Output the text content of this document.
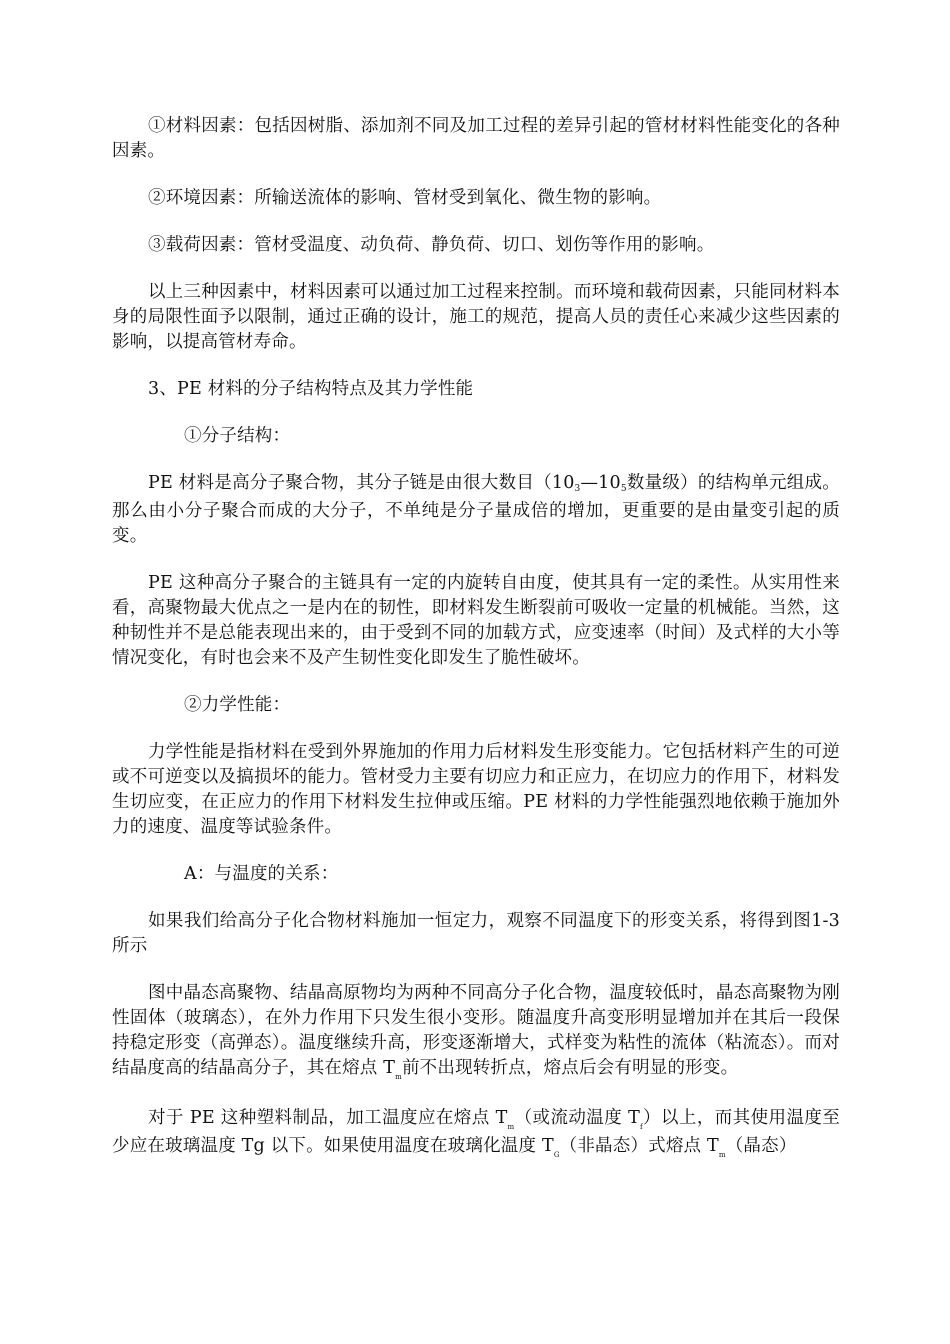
①材料因素：包括因树脂、添加剂不同及加工过程的差异引起的管材材料性能变化的各种因素。

②环境因素：所输送流体的影响、管材受到氧化、微生物的影响。

③载荷因素：管材受温度、动负荷、静负荷、切口、划伤等作用的影响。

以上三种因素中，材料因素可以通过加工过程来控制。而环境和载荷因素，只能同材料本身的局限性面予以限制，通过正确的设计，施工的规范，提高人员的责任心来减少这些因素的影响，以提高管材寿命。

3、PE 材料的分子结构特点及其力学性能

①分子结构：

PE 材料是高分子聚合物，其分子链是由很大数目（103—105数量级）的结构单元组成。那么由小分子聚合而成的大分子，不单纯是分子量成倍的增加，更重要的是由量变引起的质变。

PE 这种高分子聚合的主链具有一定的内旋转自由度，使其具有一定的柔性。从实用性来看，高聚物最大优点之一是内在的韧性，即材料发生断裂前可吸收一定量的机械能。当然，这种韧性并不是总能表现出来的，由于受到不同的加载方式，应变速率（时间）及式样的大小等情况变化，有时也会来不及产生韧性变化即发生了脆性破坏。

②力学性能：

力学性能是指材料在受到外界施加的作用力后材料发生形变能力。它包括材料产生的可逆或不可逆变以及搞损坏的能力。管材受力主要有切应力和正应力，在切应力的作用下，材料发生切应变，在正应力的作用下材料发生拉伸或压缩。PE 材料的力学性能强烈地依赖于施加外力的速度、温度等试验条件。

A：与温度的关系：

如果我们给高分子化合物材料施加一恒定力，观察不同温度下的形变关系，将得到图1-3 所示

图中晶态高聚物、结晶高原物均为两种不同高分子化合物，温度较低时，晶态高聚物为刚性固体（玻璃态），在外力作用下只发生很小变形。随温度升高变形明显增加并在其后一段保持稳定形变（高弹态）。温度继续升高，形变逐渐增大，式样变为粘性的流体（粘流态）。而对结晶度高的结晶高分子，其在熔点 $T_m$前不出现转折点，熔点后会有明显的形变。

对于 PE 这种塑料制品，加工温度应在熔点 $T_m$（或流动温度 $T_f$）以上，而其使用温度至少应在玻璃温度 Tg 以下。如果使用温度在玻璃化温度 $T_G$（非晶态）式熔点 $T_m$（晶态）
